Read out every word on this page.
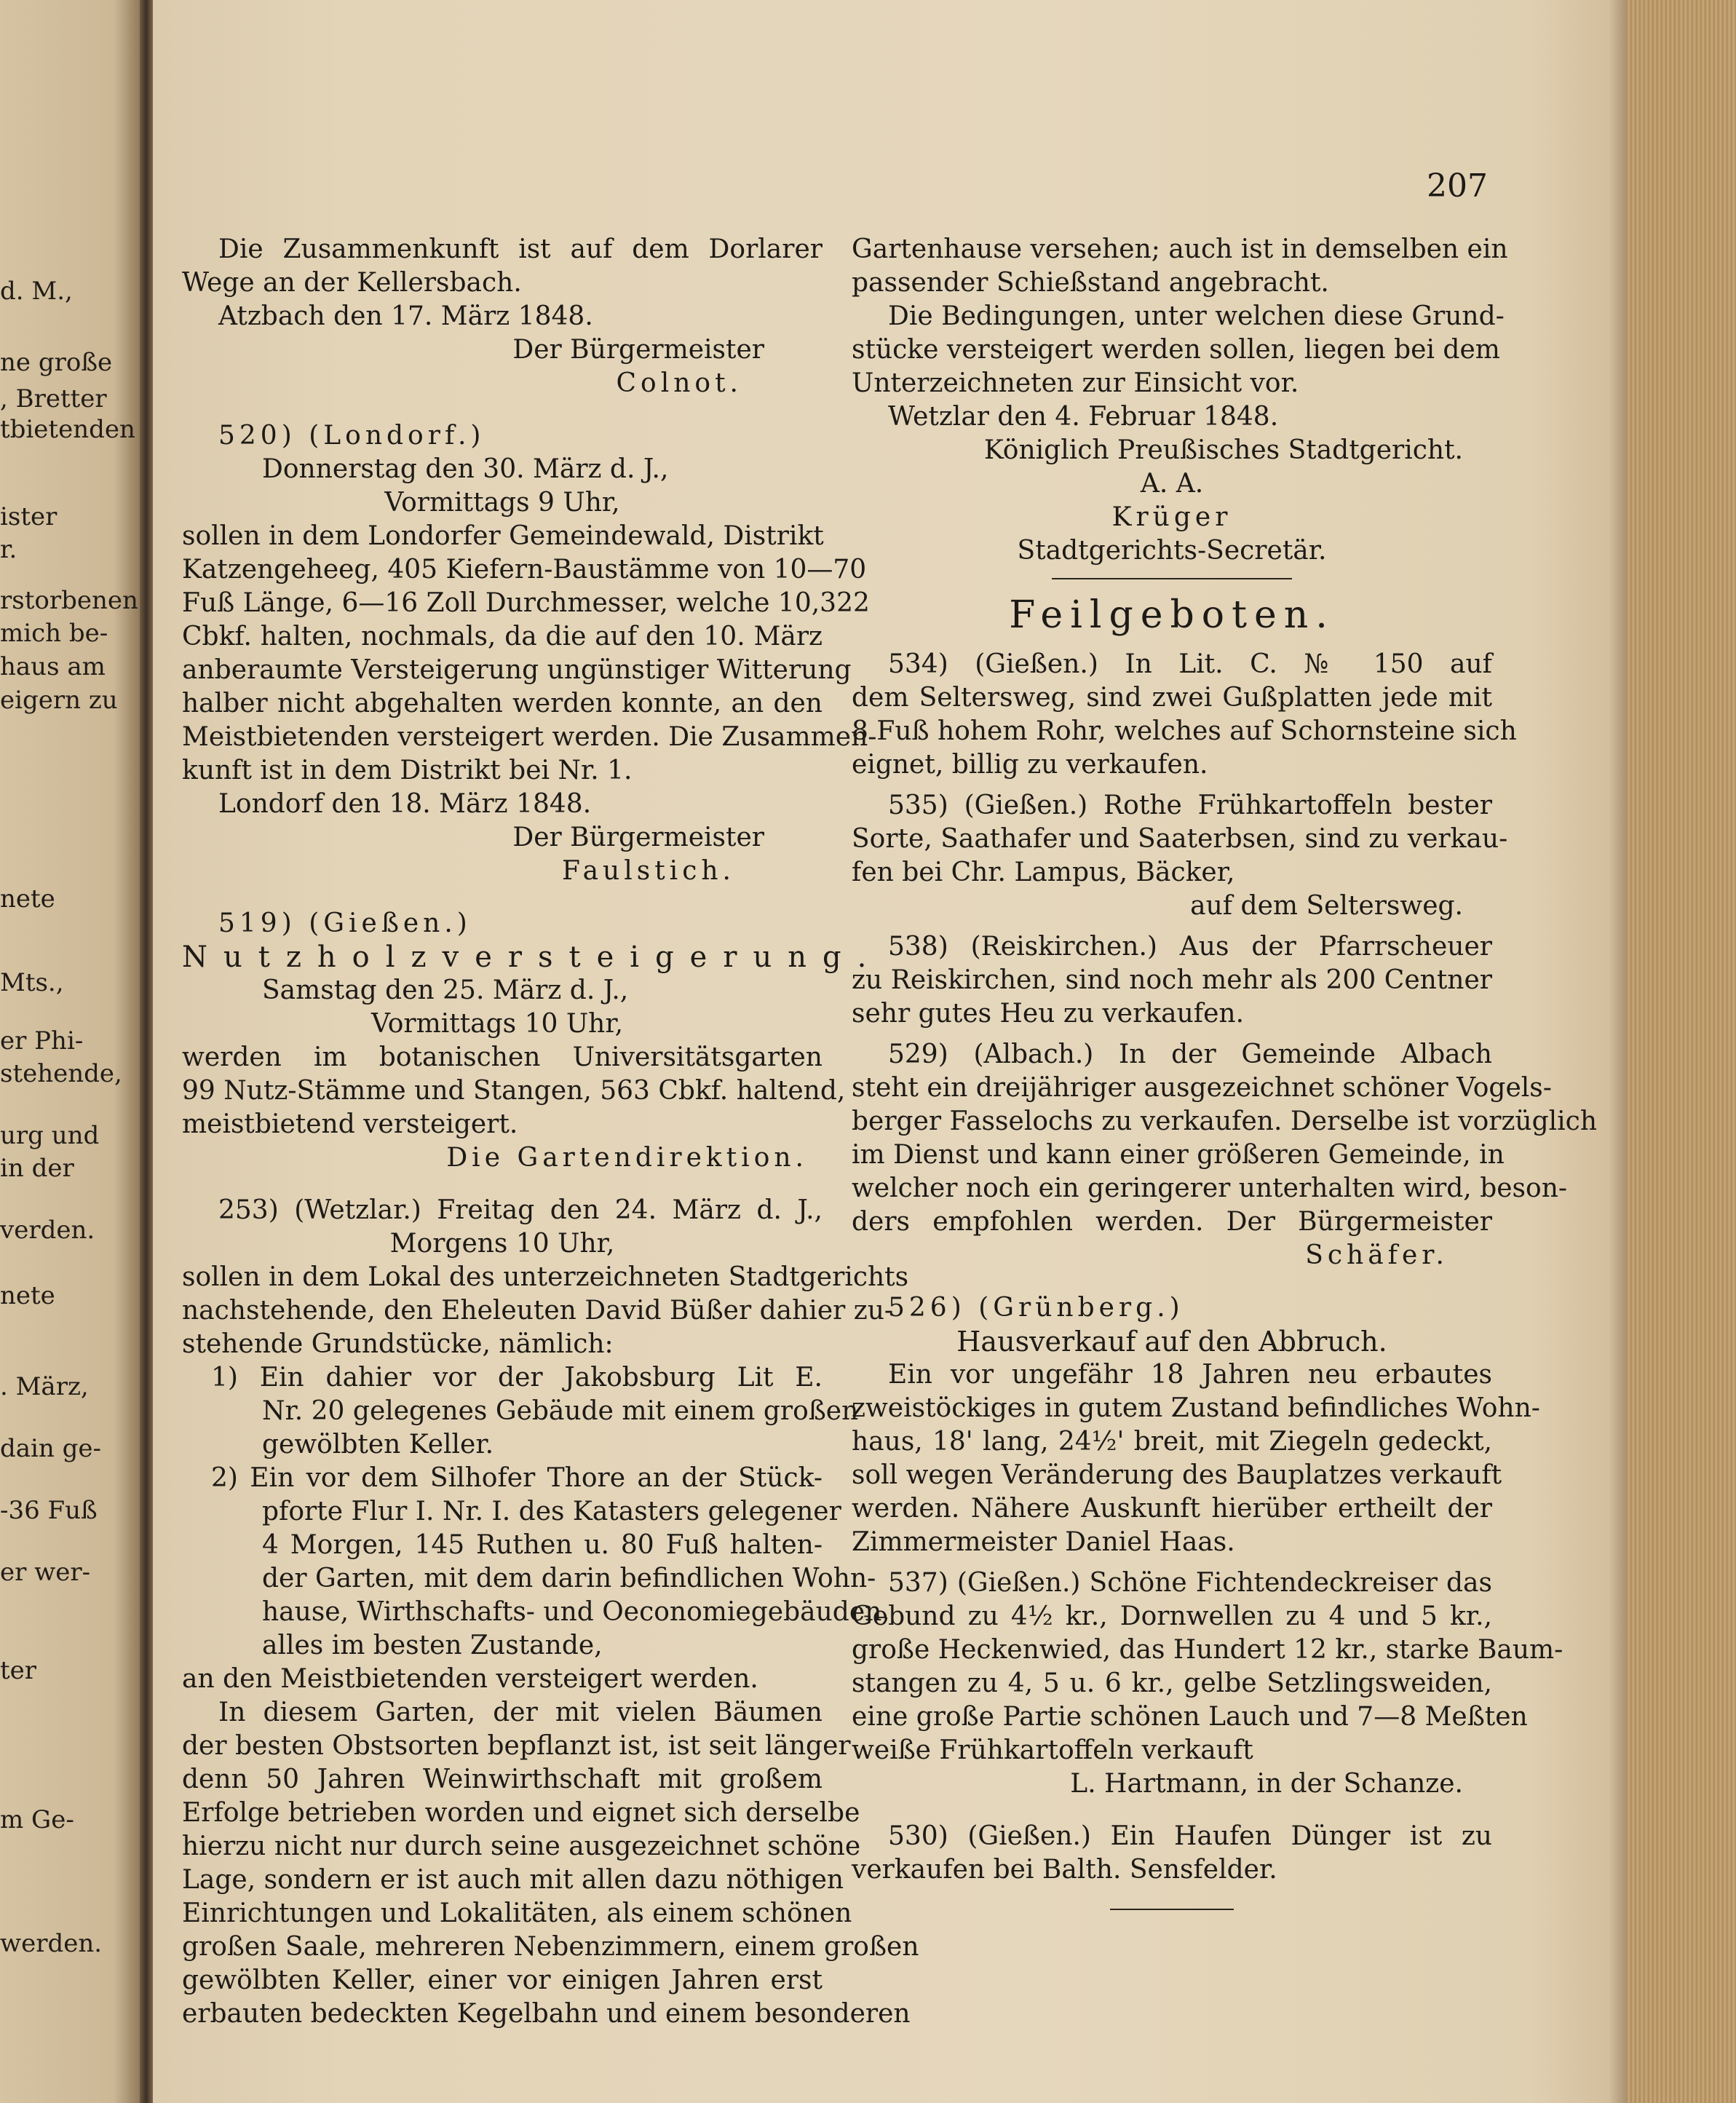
d. M.,
ne große
, Bretter
tbietenden
ister
r.
rstorbenen
mich be-
haus am
eigern zu
nete
Mts.,
er Phi-
stehende,
urg und
in der
verden.
nete
. März,
dain ge-
-36 Fuß
er wer-
ter
m Ge-
werden.
207
Die Zusammenkunft ist auf dem Dorlarer
Wege an der Kellersbach.
Atzbach den 17. März 1848.
Der Bürgermeister
Colnot.
520) (Londorf.)
Donnerstag den 30. März d. J.,
Vormittags 9 Uhr,
sollen in dem Londorfer Gemeindewald, Distrikt
Katzengeheeg, 405 Kiefern-Baustämme von 10—70
Fuß Länge, 6—16 Zoll Durchmesser, welche 10,322
Cbkf. halten, nochmals, da die auf den 10. März
anberaumte Versteigerung ungünstiger Witterung
halber nicht abgehalten werden konnte, an den
Meistbietenden versteigert werden. Die Zusammen-
kunft ist in dem Distrikt bei Nr. 1.
Londorf den 18. März 1848.
Der Bürgermeister
Faulstich.
519) (Gießen.)
Nutzholzversteigerung.
Samstag den 25. März d. J.,
Vormittags 10 Uhr,
werden im botanischen Universitätsgarten
99 Nutz-Stämme und Stangen, 563 Cbkf. haltend,
meistbietend versteigert.
Die Gartendirektion.
253) (Wetzlar.) Freitag den 24. März d. J.,
Morgens 10 Uhr,
sollen in dem Lokal des unterzeichneten Stadtgerichts
nachstehende, den Eheleuten David Büßer dahier zu-
stehende Grundstücke, nämlich:
1) Ein dahier vor der Jakobsburg Lit E.
Nr. 20 gelegenes Gebäude mit einem großen
gewölbten Keller.
2) Ein vor dem Silhofer Thore an der Stück-
pforte Flur I. Nr. I. des Katasters gelegener
4 Morgen, 145 Ruthen u. 80 Fuß halten-
der Garten, mit dem darin befindlichen Wohn-
hause, Wirthschafts- und Oeconomiegebäuden,
alles im besten Zustande,
an den Meistbietenden versteigert werden.
In diesem Garten, der mit vielen Bäumen
der besten Obstsorten bepflanzt ist, ist seit länger
denn 50 Jahren Weinwirthschaft mit großem
Erfolge betrieben worden und eignet sich derselbe
hierzu nicht nur durch seine ausgezeichnet schöne
Lage, sondern er ist auch mit allen dazu nöthigen
Einrichtungen und Lokalitäten, als einem schönen
großen Saale, mehreren Nebenzimmern, einem großen
gewölbten Keller, einer vor einigen Jahren erst
erbauten bedeckten Kegelbahn und einem besonderen
Gartenhause versehen; auch ist in demselben ein
passender Schießstand angebracht.
Die Bedingungen, unter welchen diese Grund-
stücke versteigert werden sollen, liegen bei dem
Unterzeichneten zur Einsicht vor.
Wetzlar den 4. Februar 1848.
Königlich Preußisches Stadtgericht.
A. A.
Krüger
Stadtgerichts-Secretär.
Feilgeboten.
534) (Gießen.) In Lit. C. № 150 auf
dem Seltersweg, sind zwei Gußplatten jede mit
8 Fuß hohem Rohr, welches auf Schornsteine sich
eignet, billig zu verkaufen.
535) (Gießen.) Rothe Frühkartoffeln bester
Sorte, Saathafer und Saaterbsen, sind zu verkau-
fen bei Chr. Lampus, Bäcker,
auf dem Seltersweg.
538) (Reiskirchen.) Aus der Pfarrscheuer
zu Reiskirchen, sind noch mehr als 200 Centner
sehr gutes Heu zu verkaufen.
529) (Albach.) In der Gemeinde Albach
steht ein dreijähriger ausgezeichnet schöner Vogels-
berger Fasselochs zu verkaufen. Derselbe ist vorzüglich
im Dienst und kann einer größeren Gemeinde, in
welcher noch ein geringerer unterhalten wird, beson-
ders empfohlen werden. Der Bürgermeister
Schäfer.
526) (Grünberg.)
Hausverkauf auf den Abbruch.
Ein vor ungefähr 18 Jahren neu erbautes
zweistöckiges in gutem Zustand befindliches Wohn-
haus, 18' lang, 24½' breit, mit Ziegeln gedeckt,
soll wegen Veränderung des Bauplatzes verkauft
werden. Nähere Auskunft hierüber ertheilt der
Zimmermeister Daniel Haas.
537) (Gießen.) Schöne Fichtendeckreiser das
Gebund zu 4½ kr., Dornwellen zu 4 und 5 kr.,
große Heckenwied, das Hundert 12 kr., starke Baum-
stangen zu 4, 5 u. 6 kr., gelbe Setzlingsweiden,
eine große Partie schönen Lauch und 7—8 Meßten
weiße Frühkartoffeln verkauft
L. Hartmann, in der Schanze.
530) (Gießen.) Ein Haufen Dünger ist zu
verkaufen bei Balth. Sensfelder.
